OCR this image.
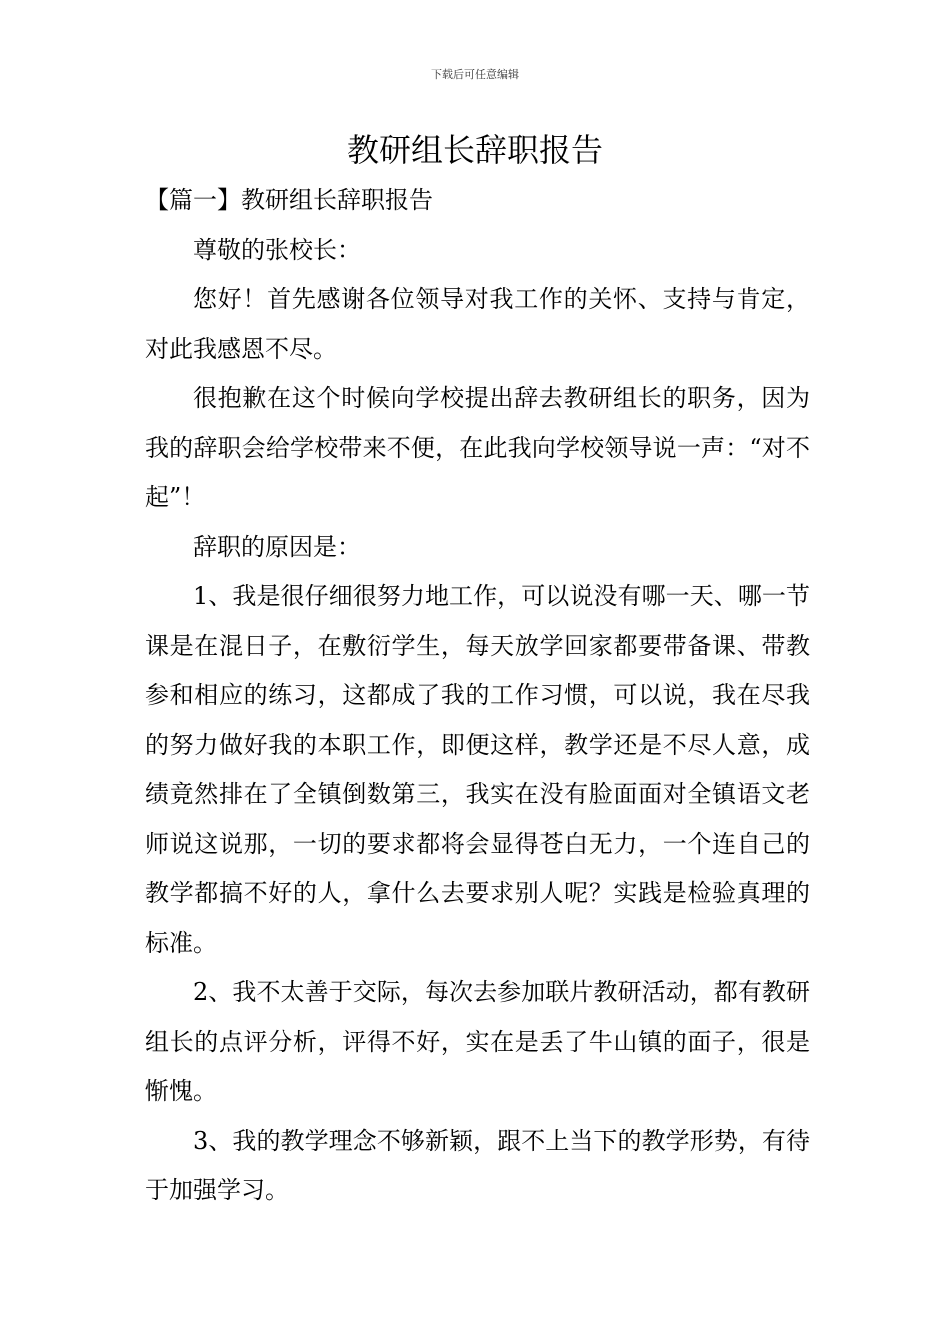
下载后可任意编辑
教研组长辞职报告

【篇一】教研组长辞职报告

尊敬的张校长：

您好！首先感谢各位领导对我工作的关怀、支持与肯定，对此我感恩不尽。

很抱歉在这个时候向学校提出辞去教研组长的职务，因为我的辞职会给学校带来不便，在此我向学校领导说一声：“对不起”！

辞职的原因是：

1、我是很仔细很努力地工作，可以说没有哪一天、哪一节课是在混日子，在敷衍学生，每天放学回家都要带备课、带教参和相应的练习，这都成了我的工作习惯，可以说，我在尽我的努力做好我的本职工作，即便这样，教学还是不尽人意，成绩竟然排在了全镇倒数第三，我实在没有脸面面对全镇语文老师说这说那，一切的要求都将会显得苍白无力，一个连自己的教学都搞不好的人，拿什么去要求别人呢？实践是检验真理的标准。

2、我不太善于交际，每次去参加联片教研活动，都有教研组长的点评分析，评得不好，实在是丢了牛山镇的面子，很是惭愧。

3、我的教学理念不够新颖，跟不上当下的教学形势，有待于加强学习。
